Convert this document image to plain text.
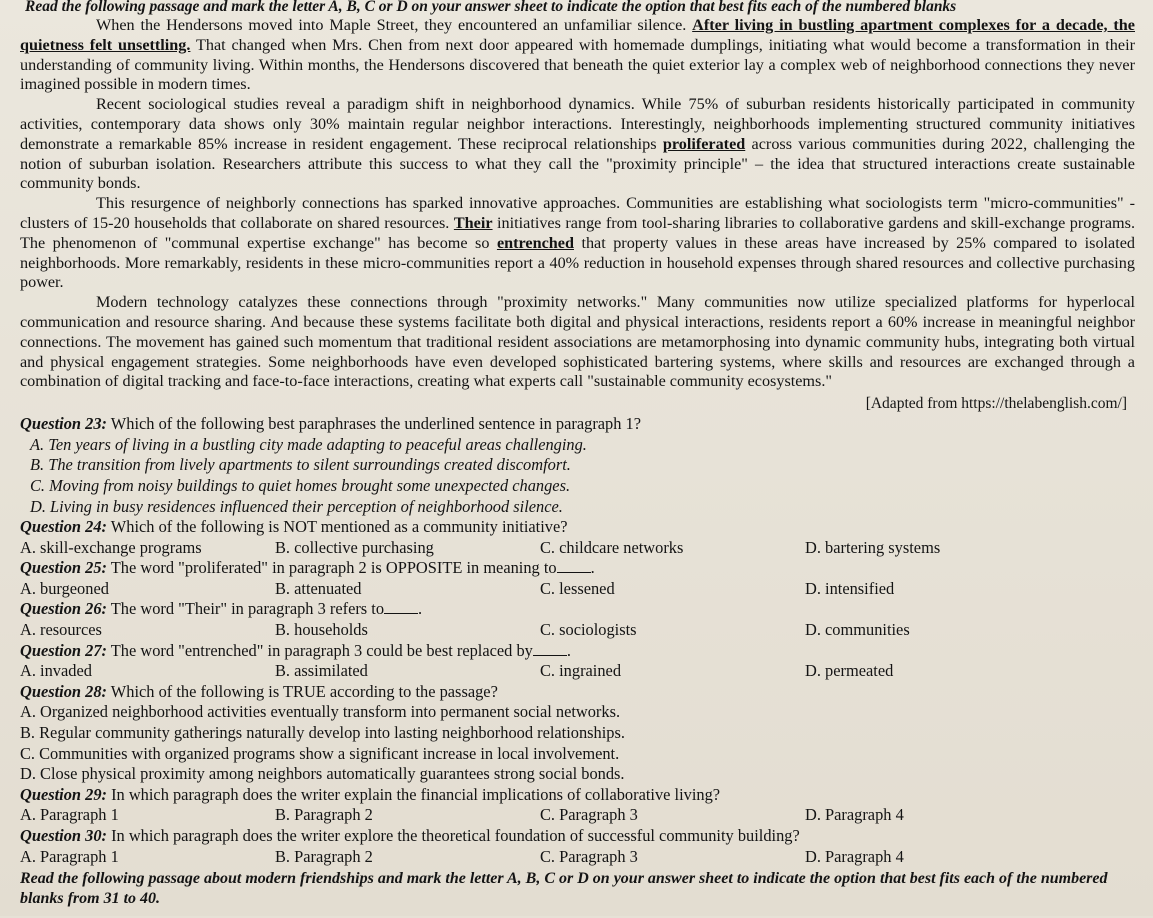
Read the following passage and mark the letter A, B, C or D on your answer sheet to indicate the option that best fits each of the numbered blanks

When the Hendersons moved into Maple Street, they encountered an unfamiliar silence. After living in bustling apartment complexes for a decade, the quietness felt unsettling. That changed when Mrs. Chen from next door appeared with homemade dumplings, initiating what would become a transformation in their understanding of community living. Within months, the Hendersons discovered that beneath the quiet exterior lay a complex web of neighborhood connections they never imagined possible in modern times.

Recent sociological studies reveal a paradigm shift in neighborhood dynamics. While 75% of suburban residents historically participated in community activities, contemporary data shows only 30% maintain regular neighbor interactions. Interestingly, neighborhoods implementing structured community initiatives demonstrate a remarkable 85% increase in resident engagement. These reciprocal relationships proliferated across various communities during 2022, challenging the notion of suburban isolation. Researchers attribute this success to what they call the "proximity principle" – the idea that structured interactions create sustainable community bonds.

This resurgence of neighborly connections has sparked innovative approaches. Communities are establishing what sociologists term "micro-communities" - clusters of 15-20 households that collaborate on shared resources. Their initiatives range from tool-sharing libraries to collaborative gardens and skill-exchange programs. The phenomenon of "communal expertise exchange" has become so entrenched that property values in these areas have increased by 25% compared to isolated neighborhoods. More remarkably, residents in these micro-communities report a 40% reduction in household expenses through shared resources and collective purchasing power.

Modern technology catalyzes these connections through "proximity networks." Many communities now utilize specialized platforms for hyperlocal communication and resource sharing. And because these systems facilitate both digital and physical interactions, residents report a 60% increase in meaningful neighbor connections. The movement has gained such momentum that traditional resident associations are metamorphosing into dynamic community hubs, integrating both virtual and physical engagement strategies. Some neighborhoods have even developed sophisticated bartering systems, where skills and resources are exchanged through a combination of digital tracking and face-to-face interactions, creating what experts call "sustainable community ecosystems."

[Adapted from https://thelabenglish.com/]

Question 23: Which of the following best paraphrases the underlined sentence in paragraph 1?

A. Ten years of living in a bustling city made adapting to peaceful areas challenging.

B. The transition from lively apartments to silent surroundings created discomfort.

C. Moving from noisy buildings to quiet homes brought some unexpected changes.

D. Living in busy residences influenced their perception of neighborhood silence.

Question 24: Which of the following is NOT mentioned as a community initiative?

A. skill-exchange programs	B. collective purchasing	C. childcare networks	D. bartering systems

Question 25: The word "proliferated" in paragraph 2 is OPPOSITE in meaning to .

A. burgeoned	B. attenuated	C. lessened	D. intensified

Question 26: The word "Their" in paragraph 3 refers to .

A. resources	B. households	C. sociologists	D. communities

Question 27: The word "entrenched" in paragraph 3 could be best replaced by .

A. invaded	B. assimilated	C. ingrained	D. permeated

Question 28: Which of the following is TRUE according to the passage?

A. Organized neighborhood activities eventually transform into permanent social networks.

B. Regular community gatherings naturally develop into lasting neighborhood relationships.

C. Communities with organized programs show a significant increase in local involvement.

D. Close physical proximity among neighbors automatically guarantees strong social bonds.

Question 29: In which paragraph does the writer explain the financial implications of collaborative living?

A. Paragraph 1	B. Paragraph 2	C. Paragraph 3	D. Paragraph 4

Question 30: In which paragraph does the writer explore the theoretical foundation of successful community building?

A. Paragraph 1	B. Paragraph 2	C. Paragraph 3	D. Paragraph 4

Read the following passage about modern friendships and mark the letter A, B, C or D on your answer sheet to indicate the option that best fits each of the numbered blanks from 31 to 40.
